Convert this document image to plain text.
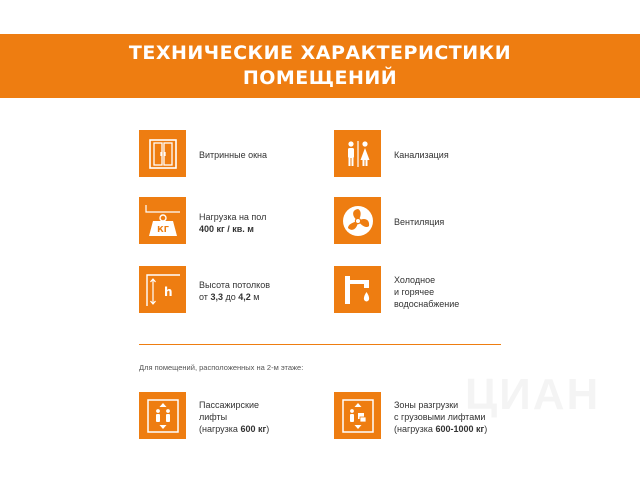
ТЕХНИЧЕСКИЕ ХАРАКТЕРИСТИКИ
ПОМЕЩЕНИЙ
Витринные окна	Канализация
КГ
Нагрузка на пол
400 кг / кв. м
Вентиляция
h	Высота потолков
от 3,3 до 4,2 м
Холодное
и горячее
водоснабжение
Для помещений, расположенных на 2-м этаже:
Пассажирские
лифты
(нагрузка 600 кг)
Зоны разгрузки
с грузовыми лифтами
(нагрузка 600-1000 кг)
